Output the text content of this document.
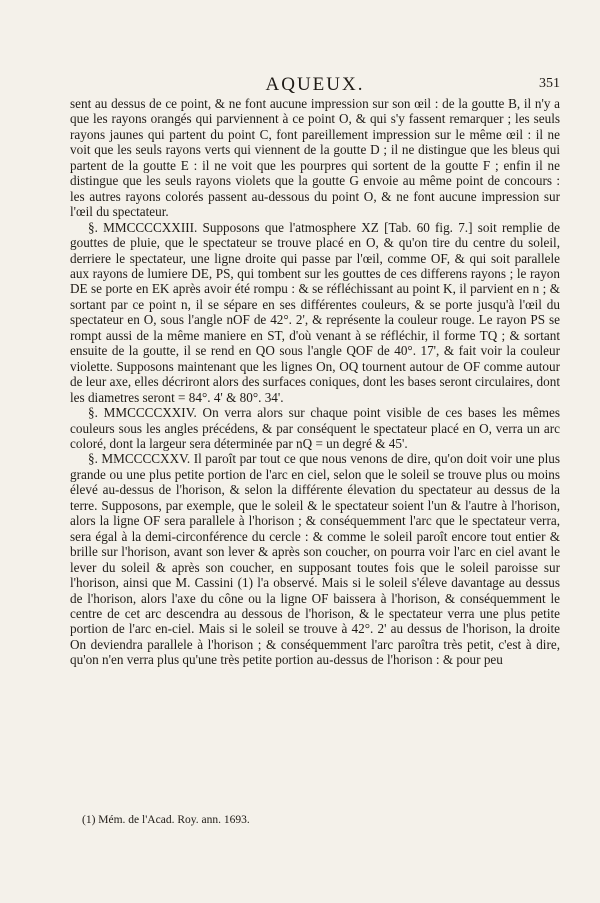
AQUEUX.	351

sent au dessus de ce point, & ne font aucune impression sur son œil : de la goutte B, il n'y a que les rayons orangés qui parviennent à ce point O, & qui s'y fassent remarquer ; les seuls rayons jaunes qui partent du point C, font pareillement impression sur le même œil : il ne voit que les seuls rayons verts qui viennent de la goutte D ; il ne distingue que les bleus qui partent de la goutte E : il ne voit que les pourpres qui sortent de la goutte F ; enfin il ne distingue que les seuls rayons violets que la goutte G envoie au même point de concours : les autres rayons colorés passent au-dessous du point O, & ne font aucune impression sur l'œil du spectateur.

§. MMCCCCXXIII. Supposons que l'atmosphere XZ [Tab. 60 fig. 7.] soit remplie de gouttes de pluie, que le spectateur se trouve placé en O, & qu'on tire du centre du soleil, derriere le spectateur, une ligne droite qui passe par l'œil, comme OF, & qui soit parallele aux rayons de lumiere DE, PS, qui tombent sur les gouttes de ces differens rayons ; le rayon DE se porte en EK après avoir été rompu : & se réfléchissant au point K, il parvient en n ; & sortant par ce point n, il se sépare en ses différentes couleurs, & se porte jusqu'à l'œil du spectateur en O, sous l'angle nOF de 42°. 2', & représente la couleur rouge. Le rayon PS se rompt aussi de la même maniere en ST, d'où venant à se réfléchir, il forme TQ ; & sortant ensuite de la goutte, il se rend en QO sous l'angle QOF de 40°. 17', & fait voir la couleur violette. Supposons maintenant que les lignes On, OQ tournent autour de OF comme autour de leur axe, elles décriront alors des surfaces coniques, dont les bases seront circulaires, dont les diametres seront = 84°. 4' & 80°. 34'.

§. MMCCCCXXIV. On verra alors sur chaque point visible de ces bases les mêmes couleurs sous les angles précédens, & par conséquent le spectateur placé en O, verra un arc coloré, dont la largeur sera déterminée par nQ = un degré & 45'.

§. MMCCCCXXV. Il paroît par tout ce que nous venons de dire, qu'on doit voir une plus grande ou une plus petite portion de l'arc en ciel, selon que le soleil se trouve plus ou moins élevé au-dessus de l'horison, & selon la différente élevation du spectateur au dessus de la terre. Supposons, par exemple, que le soleil & le spectateur soient l'un & l'autre à l'horison, alors la ligne OF sera parallele à l'horison ; & conséquemment l'arc que le spectateur verra, sera égal à la demi-circonférence du cercle : & comme le soleil paroît encore tout entier & brille sur l'horison, avant son lever & après son coucher, on pourra voir l'arc en ciel avant le lever du soleil & après son coucher, en supposant toutes fois que le soleil paroisse sur l'horison, ainsi que M. Cassini (1) l'a observé. Mais si le soleil s'éleve davantage au dessus de l'horison, alors l'axe du cône ou la ligne OF baissera à l'horison, & conséquemment le centre de cet arc descendra au dessous de l'horison, & le spectateur verra une plus petite portion de l'arc en-ciel. Mais si le soleil se trouve à 42°. 2' au dessus de l'horison, la droite On deviendra parallele à l'horison ; & conséquemment l'arc paroîtra très petit, c'est à dire, qu'on n'en verra plus qu'une très petite portion au-dessus de l'horison : & pour peu

(1) Mém. de l'Acad. Roy. ann. 1693.
